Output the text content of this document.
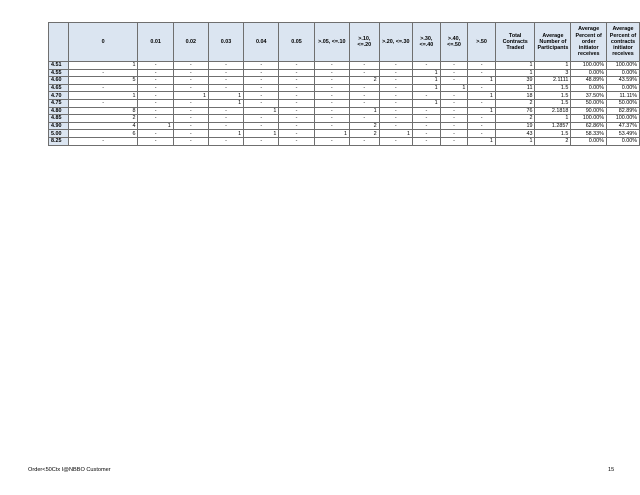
	0	0.01	0.02	0.03	0.04	0.05	>.05, <=.10	>.10, <=.20	>.20, <=.30	>.30, <=.40	>.40, <=.50	>.50	Total Contracts Traded	Average Number of Participants	Average Percent of order initiator receives	Average Percent of contracts initiator receives
4.51	1	-	-	-	-	-	-	-	-	-	-	-	1	1	100.00%	100.00%
4.55	-	-	-	-	-	-	-	-	-	1	-	-	1	3	0.00%	0.00%
4.60	5	-	-	-	-	-	-	2	-	1	-	1	39	2.1111	48.89%	43.59%
4.65	-	-	-	-	-	-	-	-	-	1	1	-	11	1.5	0.00%	0.00%
4.70	1	-	1	1	-	-	-	-	-	-	-	1	18	1.5	37.50%	11.11%
4.75	-	-	-	1	-	-	-	-	-	1	-	-	2	1.5	50.00%	50.00%
4.80	8	-	-	-	1	-	-	1	-	-	-	1	76	2.1818	90.00%	82.89%
4.85	2	-	-	-	-	-	-	-	-	-	-	-	2	1	100.00%	100.00%
4.90	4	1	-	-	-	-	-	2	-	-	-	-	19	1.2857	62.86%	47.37%
5.00	6	-	-	1	1	-	1	2	1	-	-	-	43	1.5	58.33%	53.49%
8.25	-	-	-	-	-	-	-	-	-	-	-	1	1	2	0.00%	0.00%
Order<50Ctx I@NBBO Customer	15
